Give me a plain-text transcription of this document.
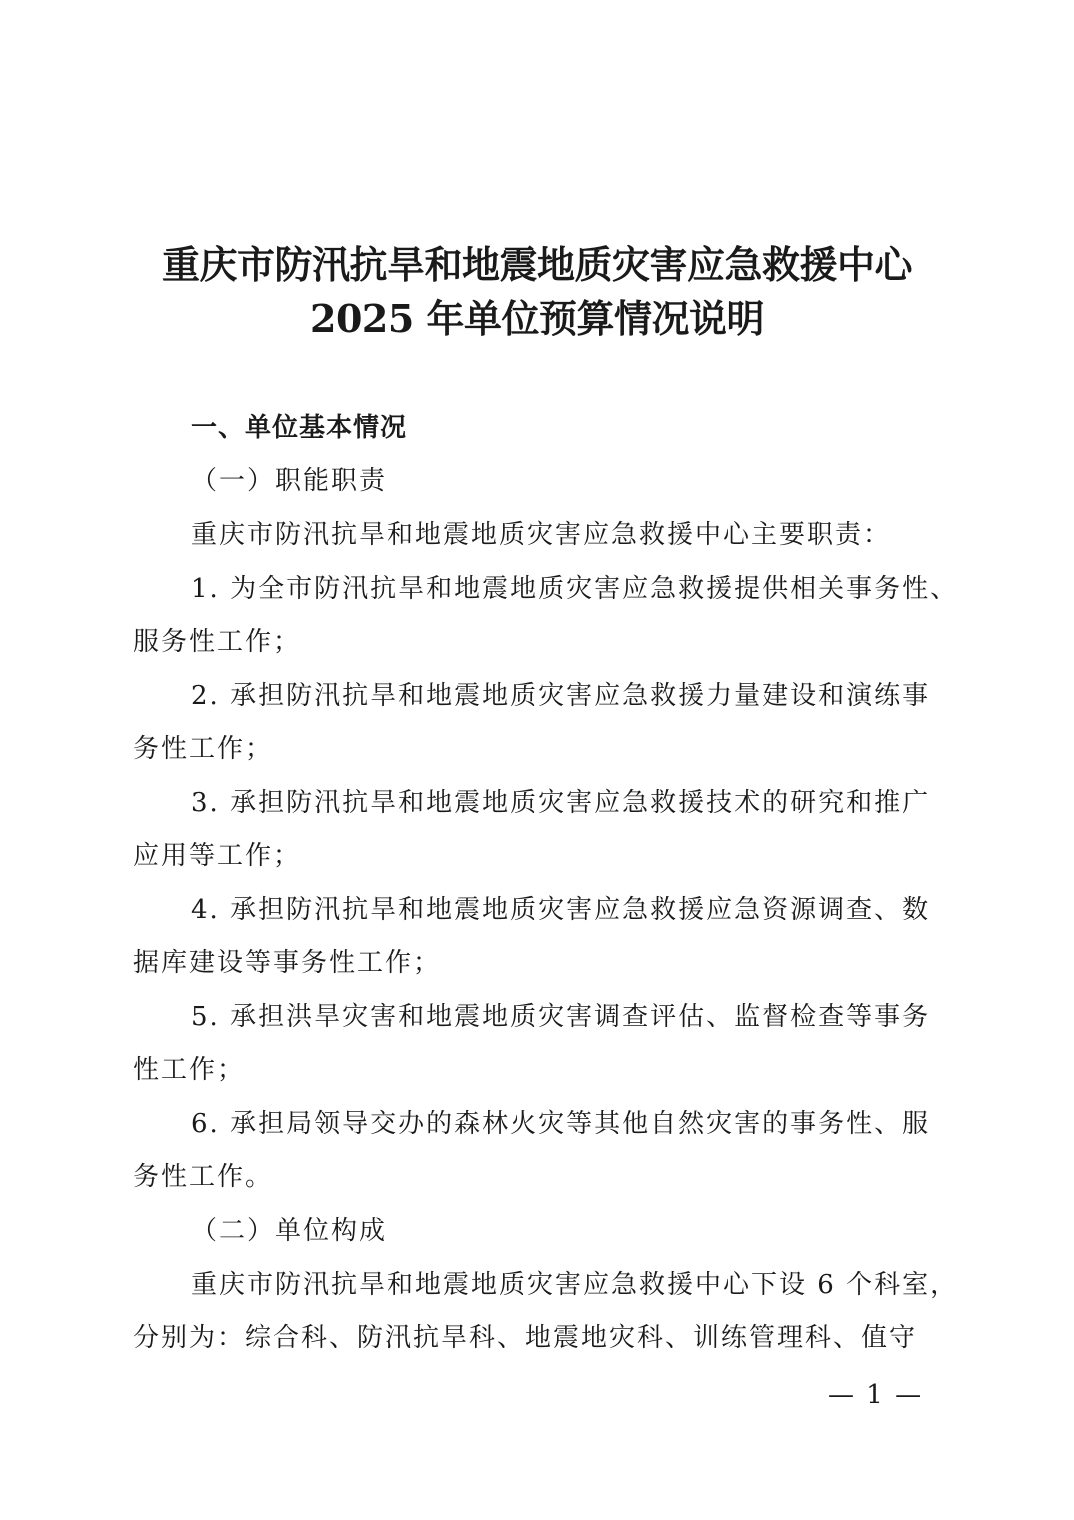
重庆市防汛抗旱和地震地质灾害应急救援中心
2025 年单位预算情况说明
一、单位基本情况
（一）职能职责
重庆市防汛抗旱和地震地质灾害应急救援中心主要职责：
1. 为全市防汛抗旱和地震地质灾害应急救援提供相关事务性、
服务性工作；
2. 承担防汛抗旱和地震地质灾害应急救援力量建设和演练事
务性工作；
3. 承担防汛抗旱和地震地质灾害应急救援技术的研究和推广
应用等工作；
4. 承担防汛抗旱和地震地质灾害应急救援应急资源调查、数
据库建设等事务性工作；
5. 承担洪旱灾害和地震地质灾害调查评估、监督检查等事务
性工作；
6. 承担局领导交办的森林火灾等其他自然灾害的事务性、服
务性工作。
（二）单位构成
重庆市防汛抗旱和地震地质灾害应急救援中心下设 6 个科室，
分别为：综合科、防汛抗旱科、地震地灾科、训练管理科、值守
— 1 —
